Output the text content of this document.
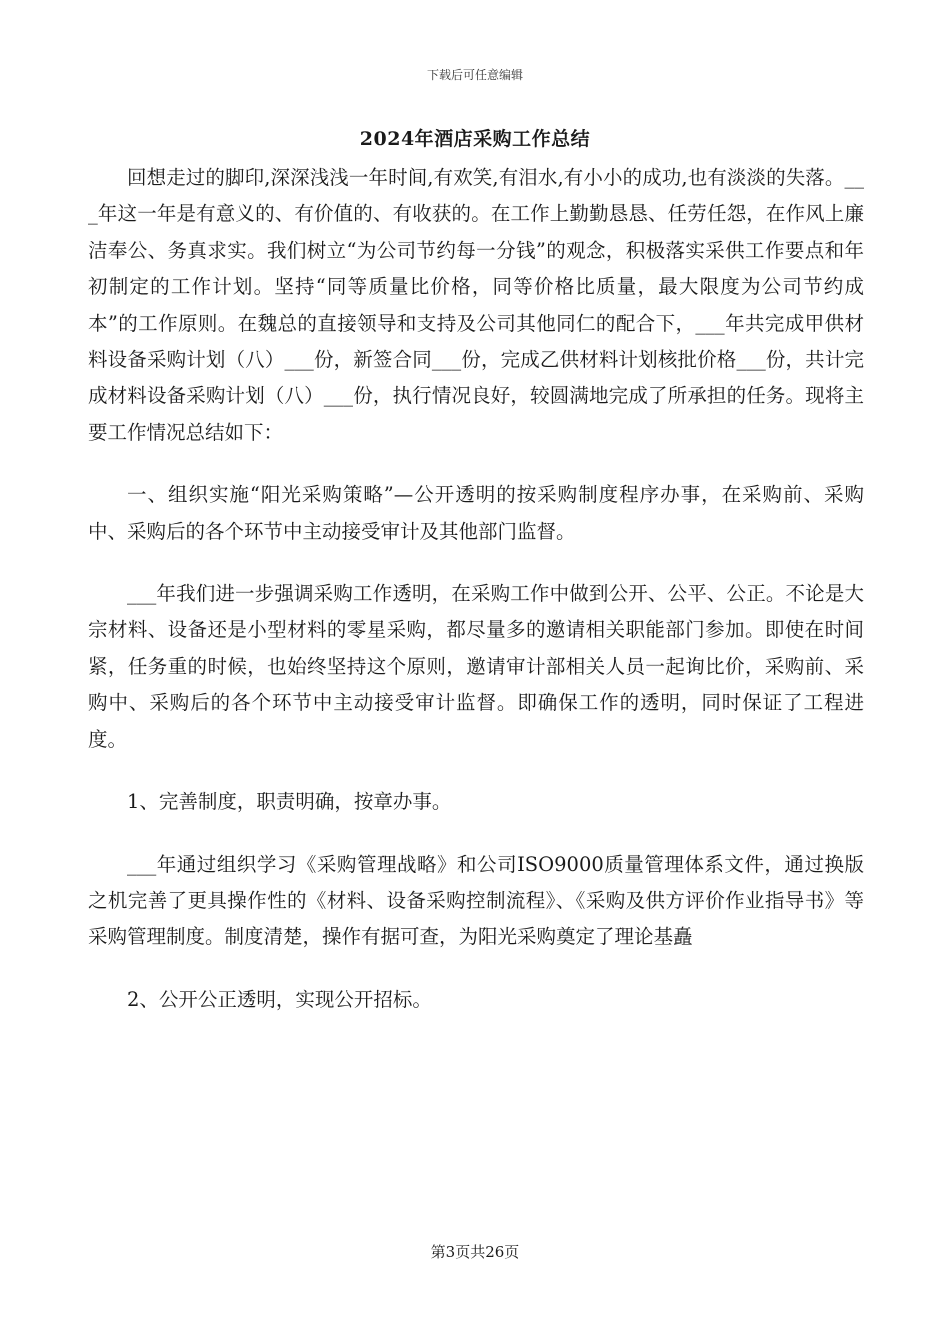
下载后可任意编辑
2024年酒店采购工作总结

回想走过的脚印,深深浅浅一年时间,有欢笑,有泪水,有小小的成功,也有淡淡的失落。___年这一年是有意义的、有价值的、有收获的。在工作上勤勤恳恳、任劳任怨，在作风上廉洁奉公、务真求实。我们树立“为公司节约每一分钱”的观念，积极落实采供工作要点和年初制定的工作计划。坚持“同等质量比价格，同等价格比质量，最大限度为公司节约成本”的工作原则。在魏总的直接领导和支持及公司其他同仁的配合下，___年共完成甲供材料设备采购计划（八）___份，新签合同___份，完成乙供材料计划核批价格___份，共计完成材料设备采购计划（八）___份，执行情况良好，较圆满地完成了所承担的任务。现将主要工作情况总结如下：

一、组织实施“阳光采购策略”—公开透明的按采购制度程序办事，在采购前、采购中、采购后的各个环节中主动接受审计及其他部门监督。

___年我们进一步强调采购工作透明，在采购工作中做到公开、公平、公正。不论是大宗材料、设备还是小型材料的零星采购，都尽量多的邀请相关职能部门参加。即使在时间紧，任务重的时候，也始终坚持这个原则，邀请审计部相关人员一起询比价，采购前、采购中、采购后的各个环节中主动接受审计监督。即确保工作的透明，同时保证了工程进度。

1、完善制度，职责明确，按章办事。

___年通过组织学习《采购管理战略》和公司ISO9000质量管理体系文件，通过换版之机完善了更具操作性的《材料、设备采购控制流程》、《采购及供方评价作业指导书》等采购管理制度。制度清楚，操作有据可查，为阳光采购奠定了理论基矗

2、公开公正透明，实现公开招标。

第3页共26页
